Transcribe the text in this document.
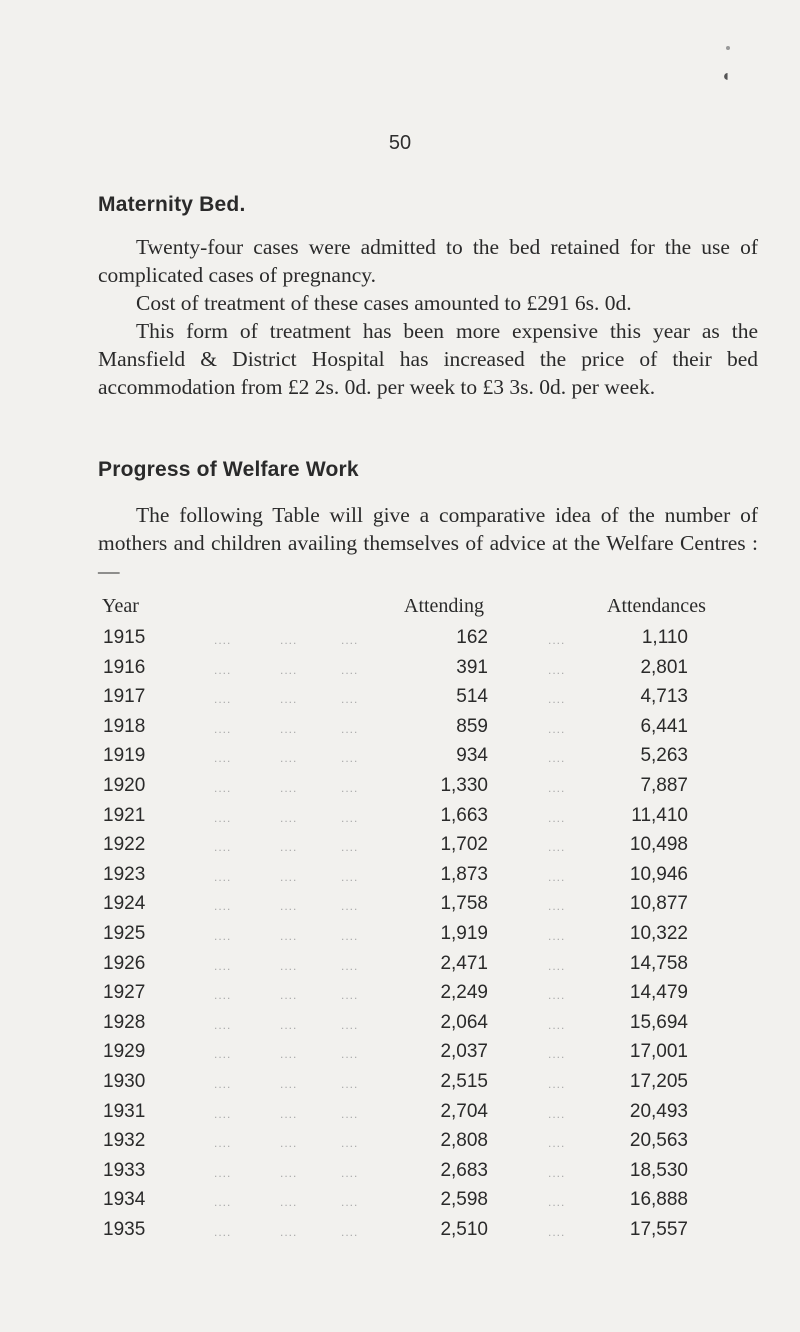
◖
50
Maternity Bed.

Twenty-four cases were admitted to the bed retained for the use of complicated cases of pregnancy.

Cost of treatment of these cases amounted to £291 6s. 0d.

This form of treatment has been more expensive this year as the Mansfield & District Hospital has increased the price of their bed accommodation from £2 2s. 0d. per week to £3 3s. 0d. per week.

Progress of Welfare Work

The following Table will give a comparative idea of the number of mothers and children availing themselves of advice at the Welfare Centres :—

Year	Attending	Attendances
1915	....	....	....	162	....	1,110
1916	....	....	....	391	....	2,801
1917	....	....	....	514	....	4,713
1918	....	....	....	859	....	6,441
1919	....	....	....	934	....	5,263
1920	....	....	....	1,330	....	7,887
1921	....	....	....	1,663	....	11,410
1922	....	....	....	1,702	....	10,498
1923	....	....	....	1,873	....	10,946
1924	....	....	....	1,758	....	10,877
1925	....	....	....	1,919	....	10,322
1926	....	....	....	2,471	....	14,758
1927	....	....	....	2,249	....	14,479
1928	....	....	....	2,064	....	15,694
1929	....	....	....	2,037	....	17,001
1930	....	....	....	2,515	....	17,205
1931	....	....	....	2,704	....	20,493
1932	....	....	....	2,808	....	20,563
1933	....	....	....	2,683	....	18,530
1934	....	....	....	2,598	....	16,888
1935	....	....	....	2,510	....	17,557
